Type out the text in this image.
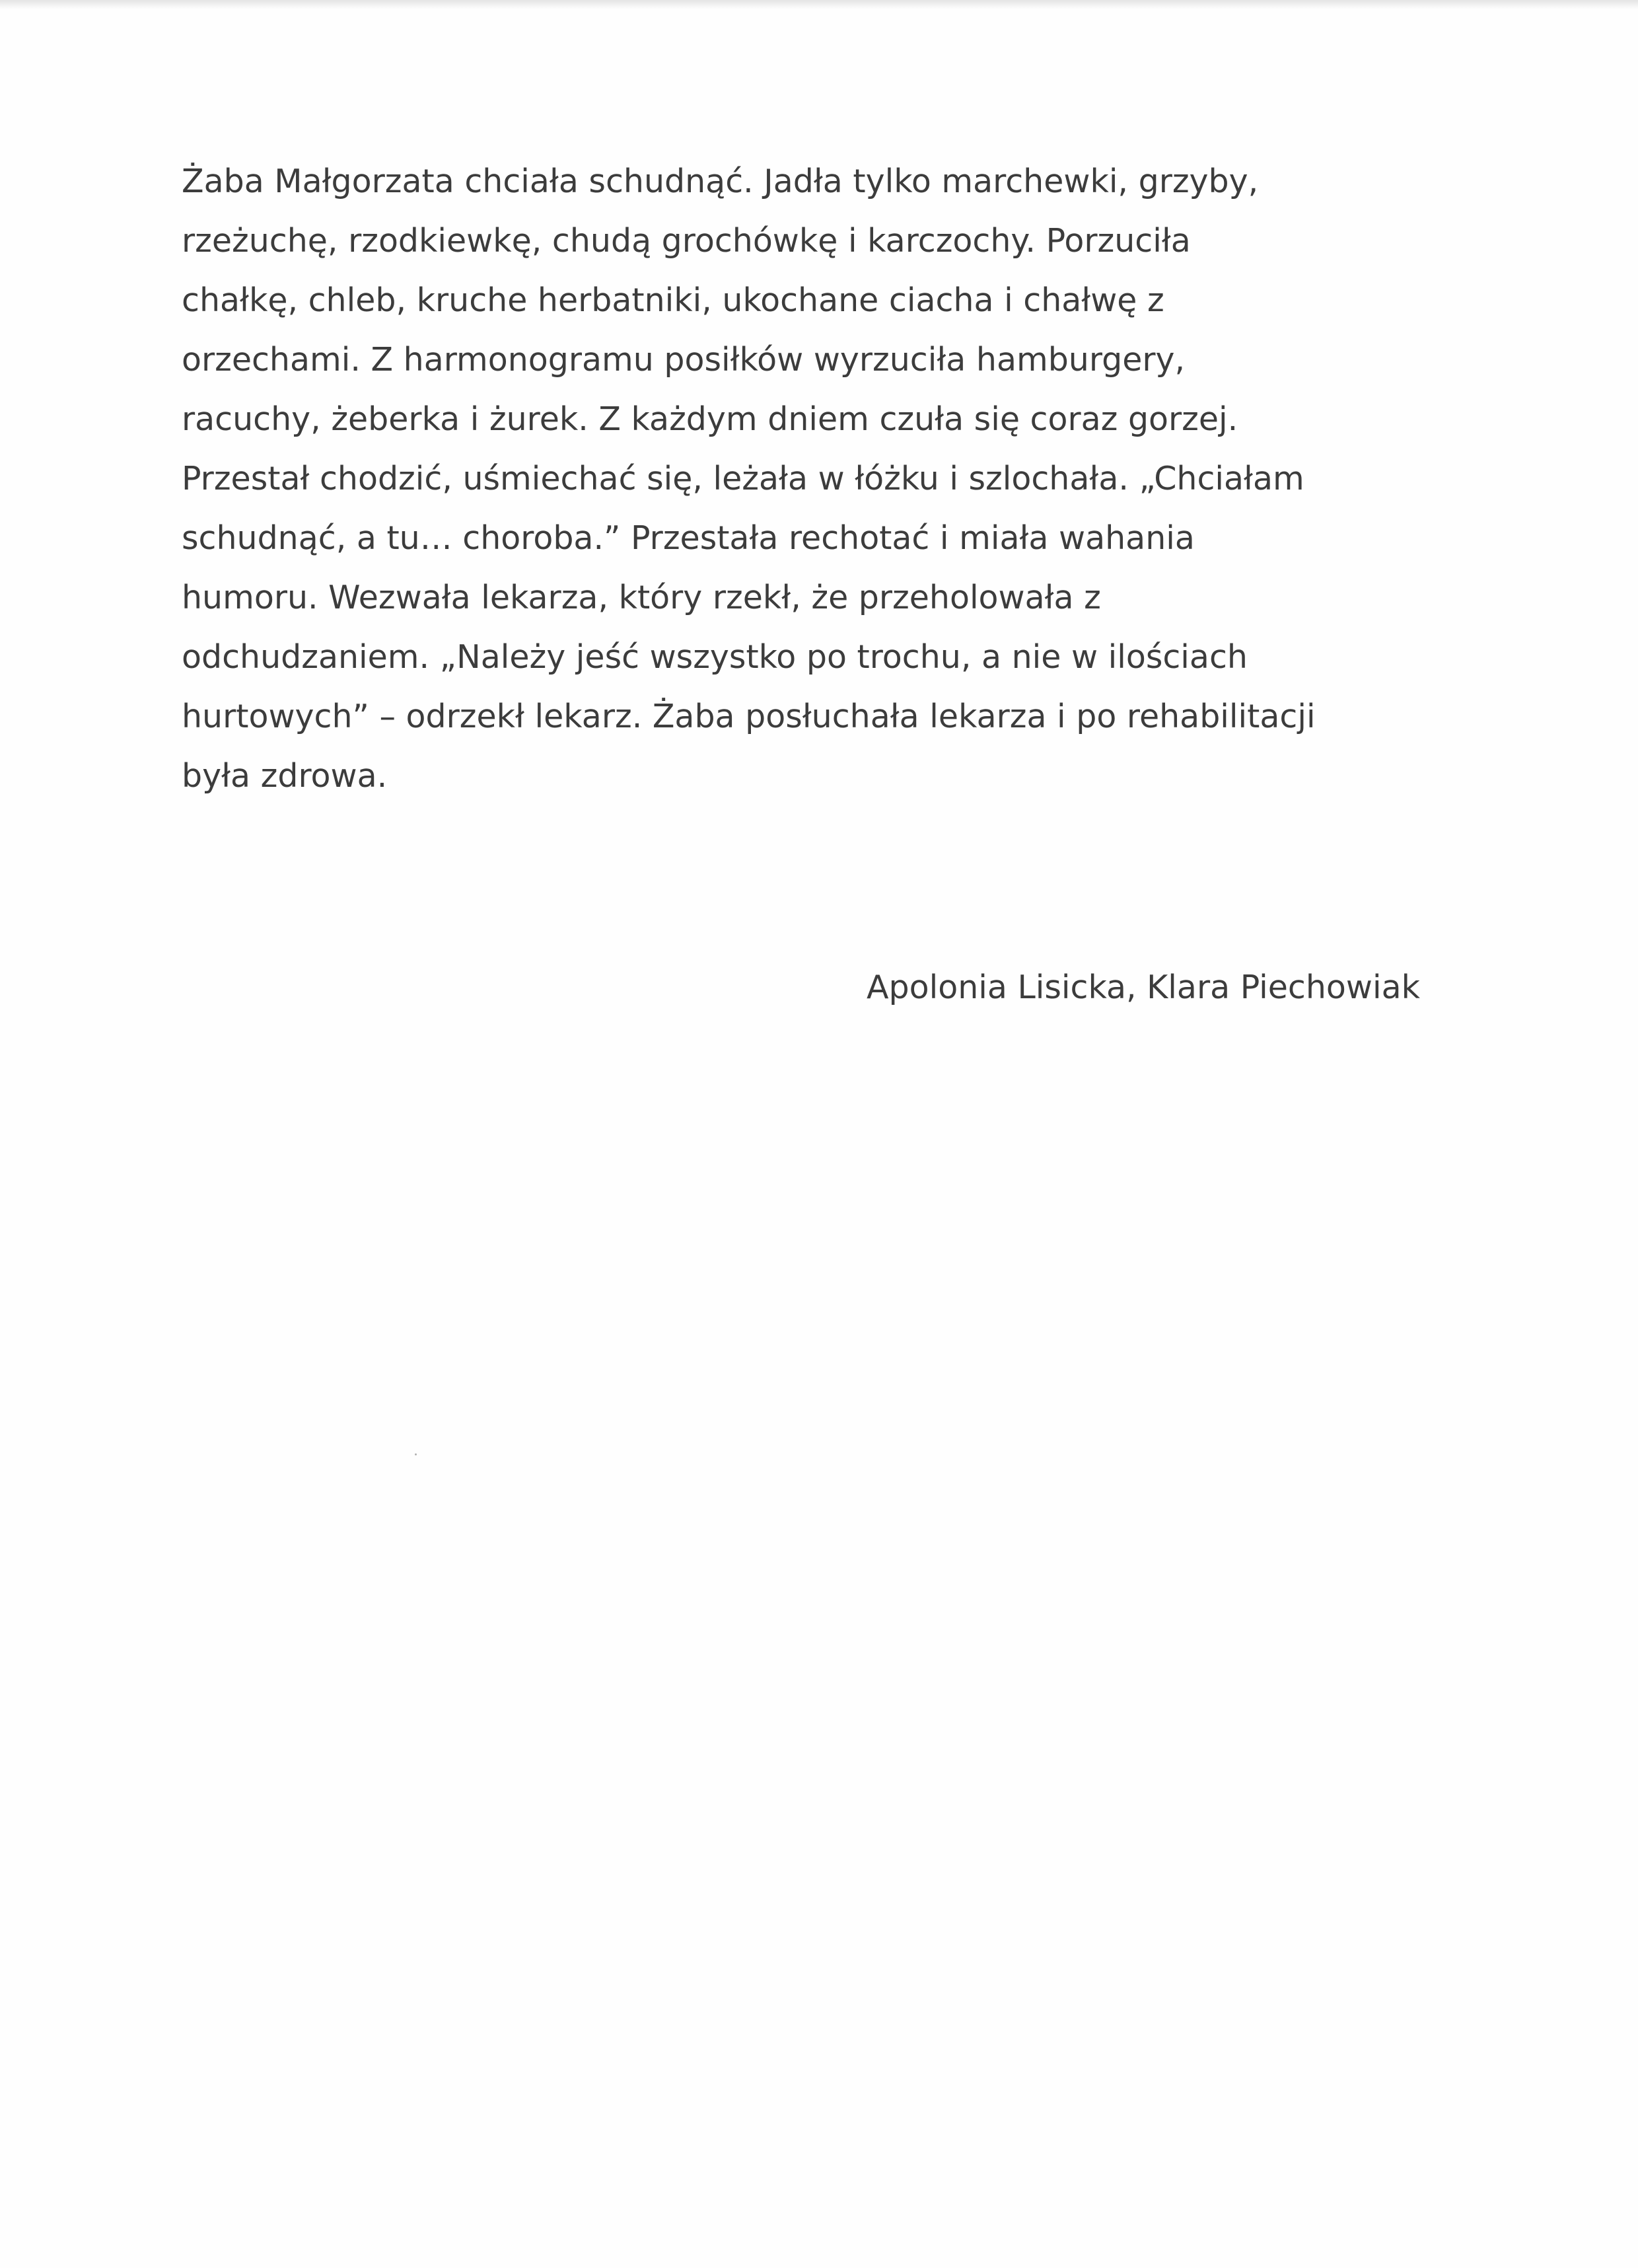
Żaba Małgorzata chciała schudnąć. Jadła tylko marchewki, grzyby,
rzeżuchę, rzodkiewkę, chudą grochówkę i karczochy. Porzuciła
chałkę, chleb, kruche herbatniki, ukochane ciacha i chałwę z
orzechami. Z harmonogramu posiłków wyrzuciła hamburgery,
racuchy, żeberka i żurek. Z każdym dniem czuła się coraz gorzej.
Przestał chodzić, uśmiechać się, leżała w łóżku i szlochała. „Chciałam
schudnąć, a tu… choroba.” Przestała rechotać i miała wahania
humoru. Wezwała lekarza, który rzekł, że przeholowała z
odchudzaniem. „Należy jeść wszystko po trochu, a nie w ilościach
hurtowych” – odrzekł lekarz. Żaba posłuchała lekarza i po rehabilitacji
była zdrowa.

Apolonia Lisicka, Klara Piechowiak
